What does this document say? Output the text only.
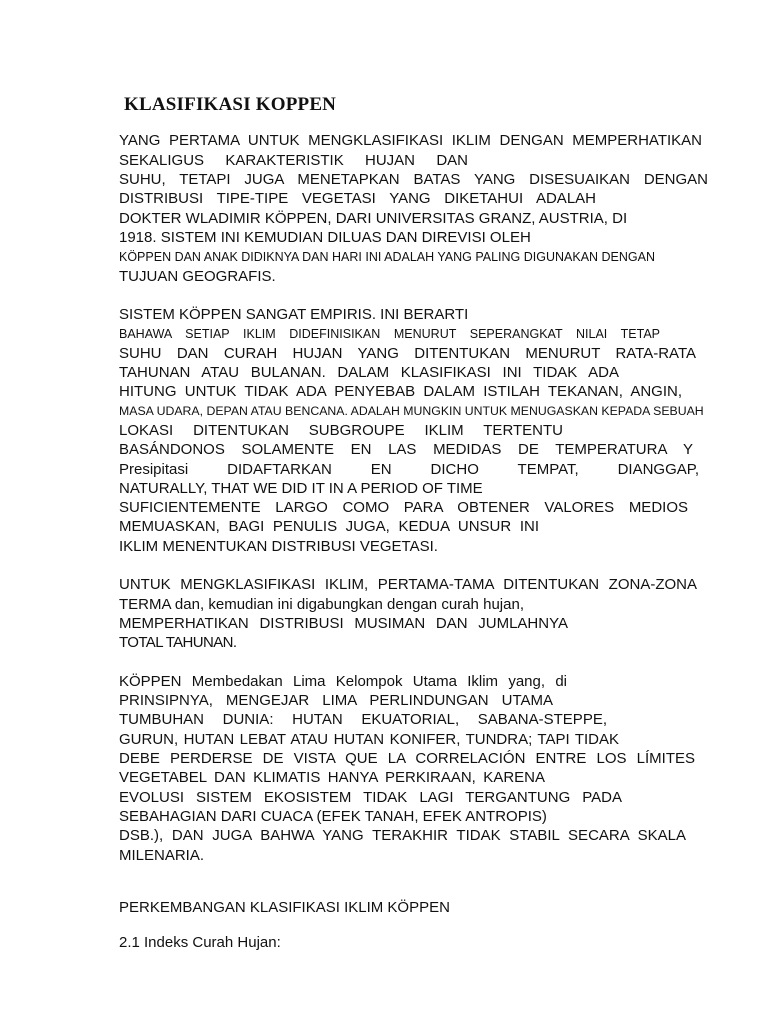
KLASIFIKASI KOPPEN
YANG PERTAMA UNTUK MENGKLASIFIKASI IKLIM DENGAN MEMPERHATIKAN
SEKALIGUS KARAKTERISTIK HUJAN DAN
SUHU, TETAPI JUGA MENETAPKAN BATAS YANG DISESUAIKAN DENGAN
DISTRIBUSI TIPE-TIPE VEGETASI YANG DIKETAHUI ADALAH
DOKTER WLADIMIR KÖPPEN, DARI UNIVERSITAS GRANZ, AUSTRIA, DI
1918. SISTEM INI KEMUDIAN DILUAS DAN DIREVISI OLEH
KÖPPEN DAN ANAK DIDIKNYA DAN HARI INI ADALAH YANG PALING DIGUNAKAN DENGAN
TUJUAN GEOGRAFIS.
SISTEM KÖPPEN SANGAT EMPIRIS. INI BERARTI
BAHAWA SETIAP IKLIM DIDEFINISIKAN MENURUT SEPERANGKAT NILAI TETAP
SUHU DAN CURAH HUJAN YANG DITENTUKAN MENURUT RATA-RATA
TAHUNAN ATAU BULANAN. DALAM KLASIFIKASI INI TIDAK ADA
HITUNG UNTUK TIDAK ADA PENYEBAB DALAM ISTILAH TEKANAN, ANGIN,
MASA UDARA, DEPAN ATAU BENCANA. ADALAH MUNGKIN UNTUK MENUGASKAN KEPADA SEBUAH
LOKASI DITENTUKAN SUBGROUPE IKLIM TERTENTU
BASÁNDONOS SOLAMENTE EN LAS MEDIDAS DE TEMPERATURA Y
Presipitasi DIDAFTARKAN EN DICHO TEMPAT, DIANGGAP,
NATURALLY, THAT WE DID IT IN A PERIOD OF TIME
SUFICIENTEMENTE LARGO COMO PARA OBTENER VALORES MEDIOS
MEMUASKAN, BAGI PENULIS JUGA, KEDUA UNSUR INI
IKLIM MENENTUKAN DISTRIBUSI VEGETASI.
UNTUK MENGKLASIFIKASI IKLIM, PERTAMA-TAMA DITENTUKAN ZONA-ZONA
TERMA dan, kemudian ini digabungkan dengan curah hujan,
MEMPERHATIKAN DISTRIBUSI MUSIMAN DAN JUMLAHNYA
TOTAL TAHUNAN.
KÖPPEN Membedakan Lima Kelompok Utama Iklim yang, di
PRINSIPNYA, MENGEJAR LIMA PERLINDUNGAN UTAMA
TUMBUHAN DUNIA: HUTAN EKUATORIAL, SABANA-STEPPE,
GURUN, HUTAN LEBAT ATAU HUTAN KONIFER, TUNDRA; TAPI TIDAK
DEBE PERDERSE DE VISTA QUE LA CORRELACIÓN ENTRE LOS LÍMITES
VEGETABEL DAN KLIMATIS HANYA PERKIRAAN, KARENA
EVOLUSI SISTEM EKOSISTEM TIDAK LAGI TERGANTUNG PADA
SEBAHAGIAN DARI CUACA (EFEK TANAH, EFEK ANTROPIS)
DSB.), DAN JUGA BAHWA YANG TERAKHIR TIDAK STABIL SECARA SKALA
MILENARIA.
PERKEMBANGAN KLASIFIKASI IKLIM KÖPPEN
2.1 Indeks Curah Hujan:
